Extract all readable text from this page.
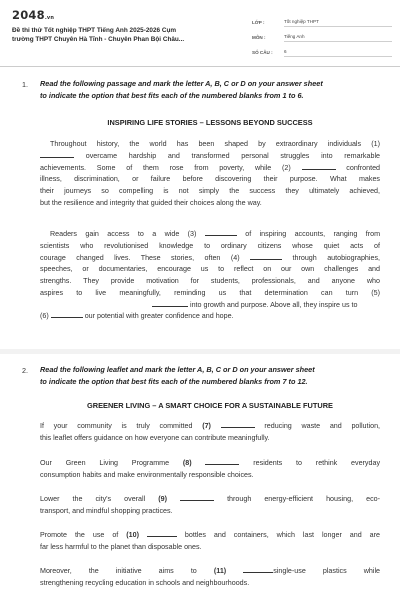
2048.vn
Đề thi thử Tốt nghiệp THPT Tiếng Anh 2025-2026 Cụm
trường THPT Chuyên Hà Tĩnh - Chuyên Phan Bội Châu...
LỚP :	Tốt nghiệp THPT
MÔN :	Tiếng Anh
SỐ CÂU :	6
1. Read the following passage and mark the letter A, B, C or D on your answer sheet
to indicate the option that best fits each of the numbered blanks from 1 to 6.
INSPIRING LIFE STORIES – LESSONS BEYOND SUCCESS
Throughout history, the world has been shaped by extraordinary individuals (1)
overcame hardship and transformed personal struggles into remarkable
achievements. Some of them rose from poverty, while (2)	confronted
illness, discrimination, or failure before discovering their purpose. What makes
their journeys so compelling is not simply the success they ultimately achieved,
but the resilience and integrity that guided their choices along the way.
Readers gain access to a wide (3)	of inspiring accounts, ranging from
scientists who revolutionised knowledge to ordinary citizens whose quiet acts of
courage changed lives. These stories, often (4)	through autobiographies,
speeches, or documentaries, encourage us to reflect on our own challenges and
strengths. They provide motivation for students, professionals, and anyone who
aspires to live meaningfully, reminding us that determination can turn (5)
into growth and purpose. Above all, they inspire us to
(6)	our potential with greater confidence and hope.
2. Read the following leaflet and mark the letter A, B, C or D on your answer sheet
to indicate the option that best fits each of the numbered blanks from 7 to 12.
GREENER LIVING – A SMART CHOICE FOR A SUSTAINABLE FUTURE
If your community is truly committed (7)	reducing waste and pollution,
this leaflet offers guidance on how everyone can contribute meaningfully.
Our Green Living Programme (8)	residents to rethink everyday
consumption habits and make environmentally responsible choices.
Lower the city's overall (9)	through energy-efficient housing, eco-
transport, and mindful shopping practices.
Promote the use of (10)	bottles and containers, which last longer and are
far less harmful to the planet than disposable ones.
Moreover, the initiative aims to (11)	single-use plastics while
strengthening recycling education in schools and neighbourhoods.
